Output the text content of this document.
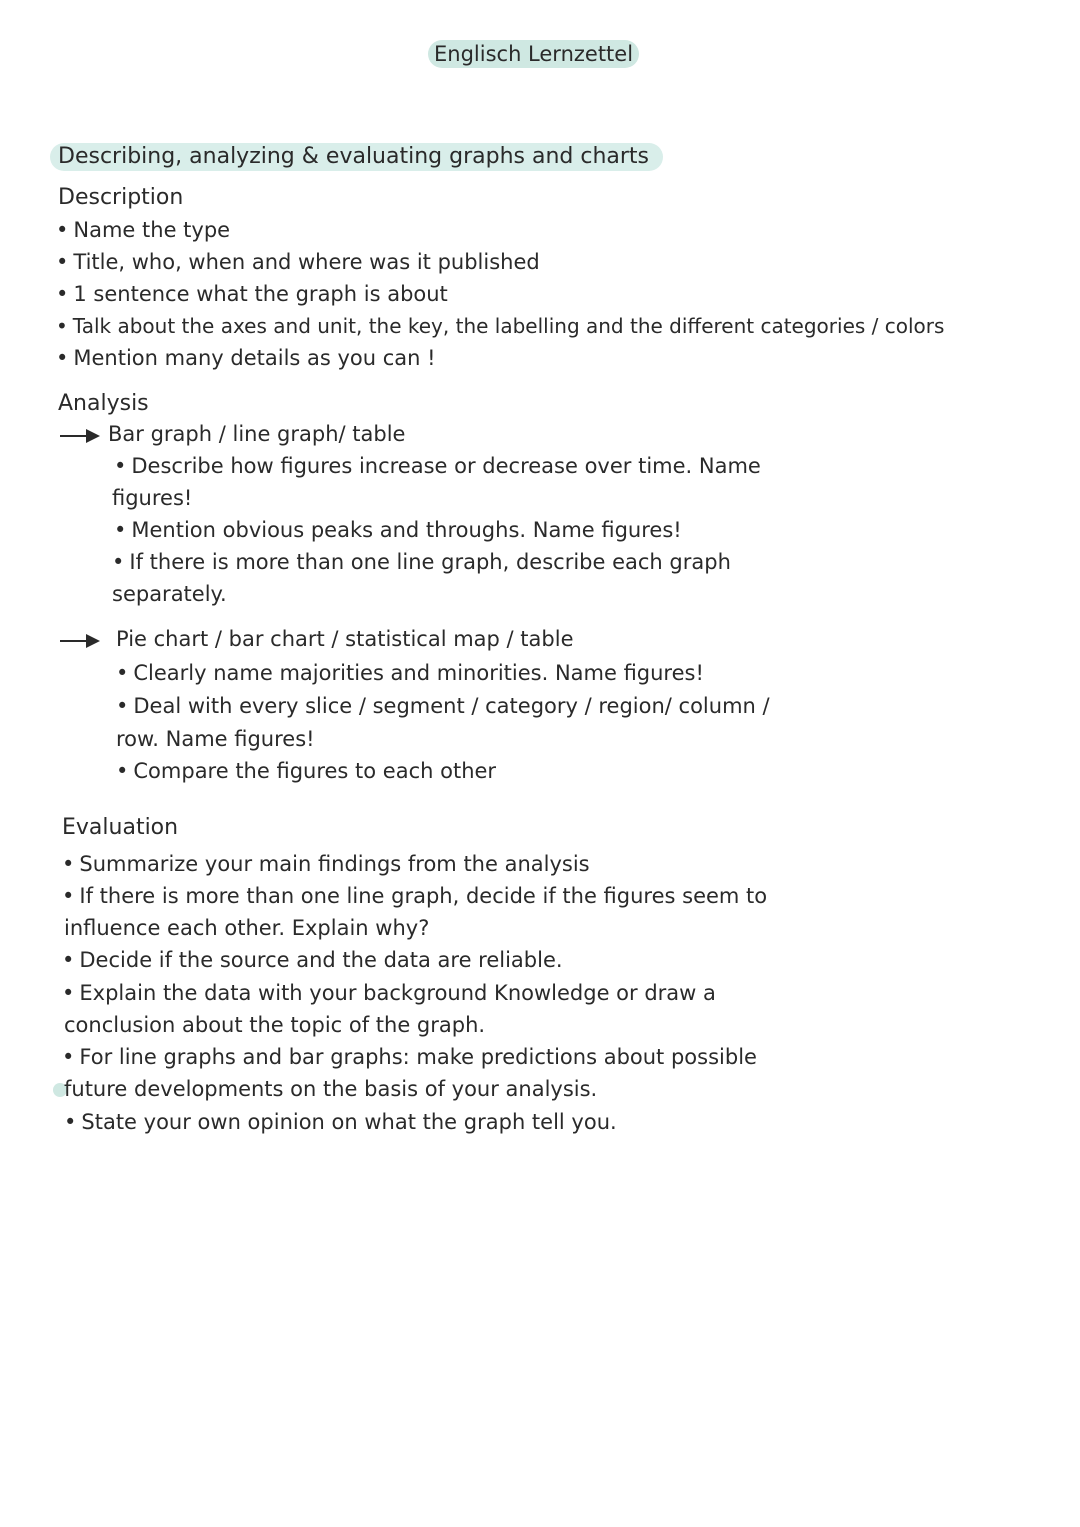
Englisch Lernzettel
Describing, analyzing & evaluating graphs and charts
Description
• Name the type
• Title, who, when and where was it published
• 1 sentence what the graph is about
• Talk about the axes and unit, the key, the labelling and the different categories / colors
• Mention many details as you can !
Analysis
Bar graph / line graph/ table
• Describe how figures increase or decrease over time. Name
figures!
• Mention obvious peaks and throughs. Name figures!
• If there is more than one line graph, describe each graph
separately.
Pie chart / bar chart / statistical map / table
• Clearly name majorities and minorities. Name figures!
• Deal with every slice / segment / category / region/ column /
row. Name figures!
• Compare the figures to each other
Evaluation
• Summarize your main findings from the analysis
• If there is more than one line graph, decide if the figures seem to
influence each other. Explain why?
• Decide if the source and the data are reliable.
• Explain the data with your background Knowledge or draw a
conclusion about the topic of the graph.
• For line graphs and bar graphs: make predictions about possible
future developments on the basis of your analysis.
• State your own opinion on what the graph tell you.
